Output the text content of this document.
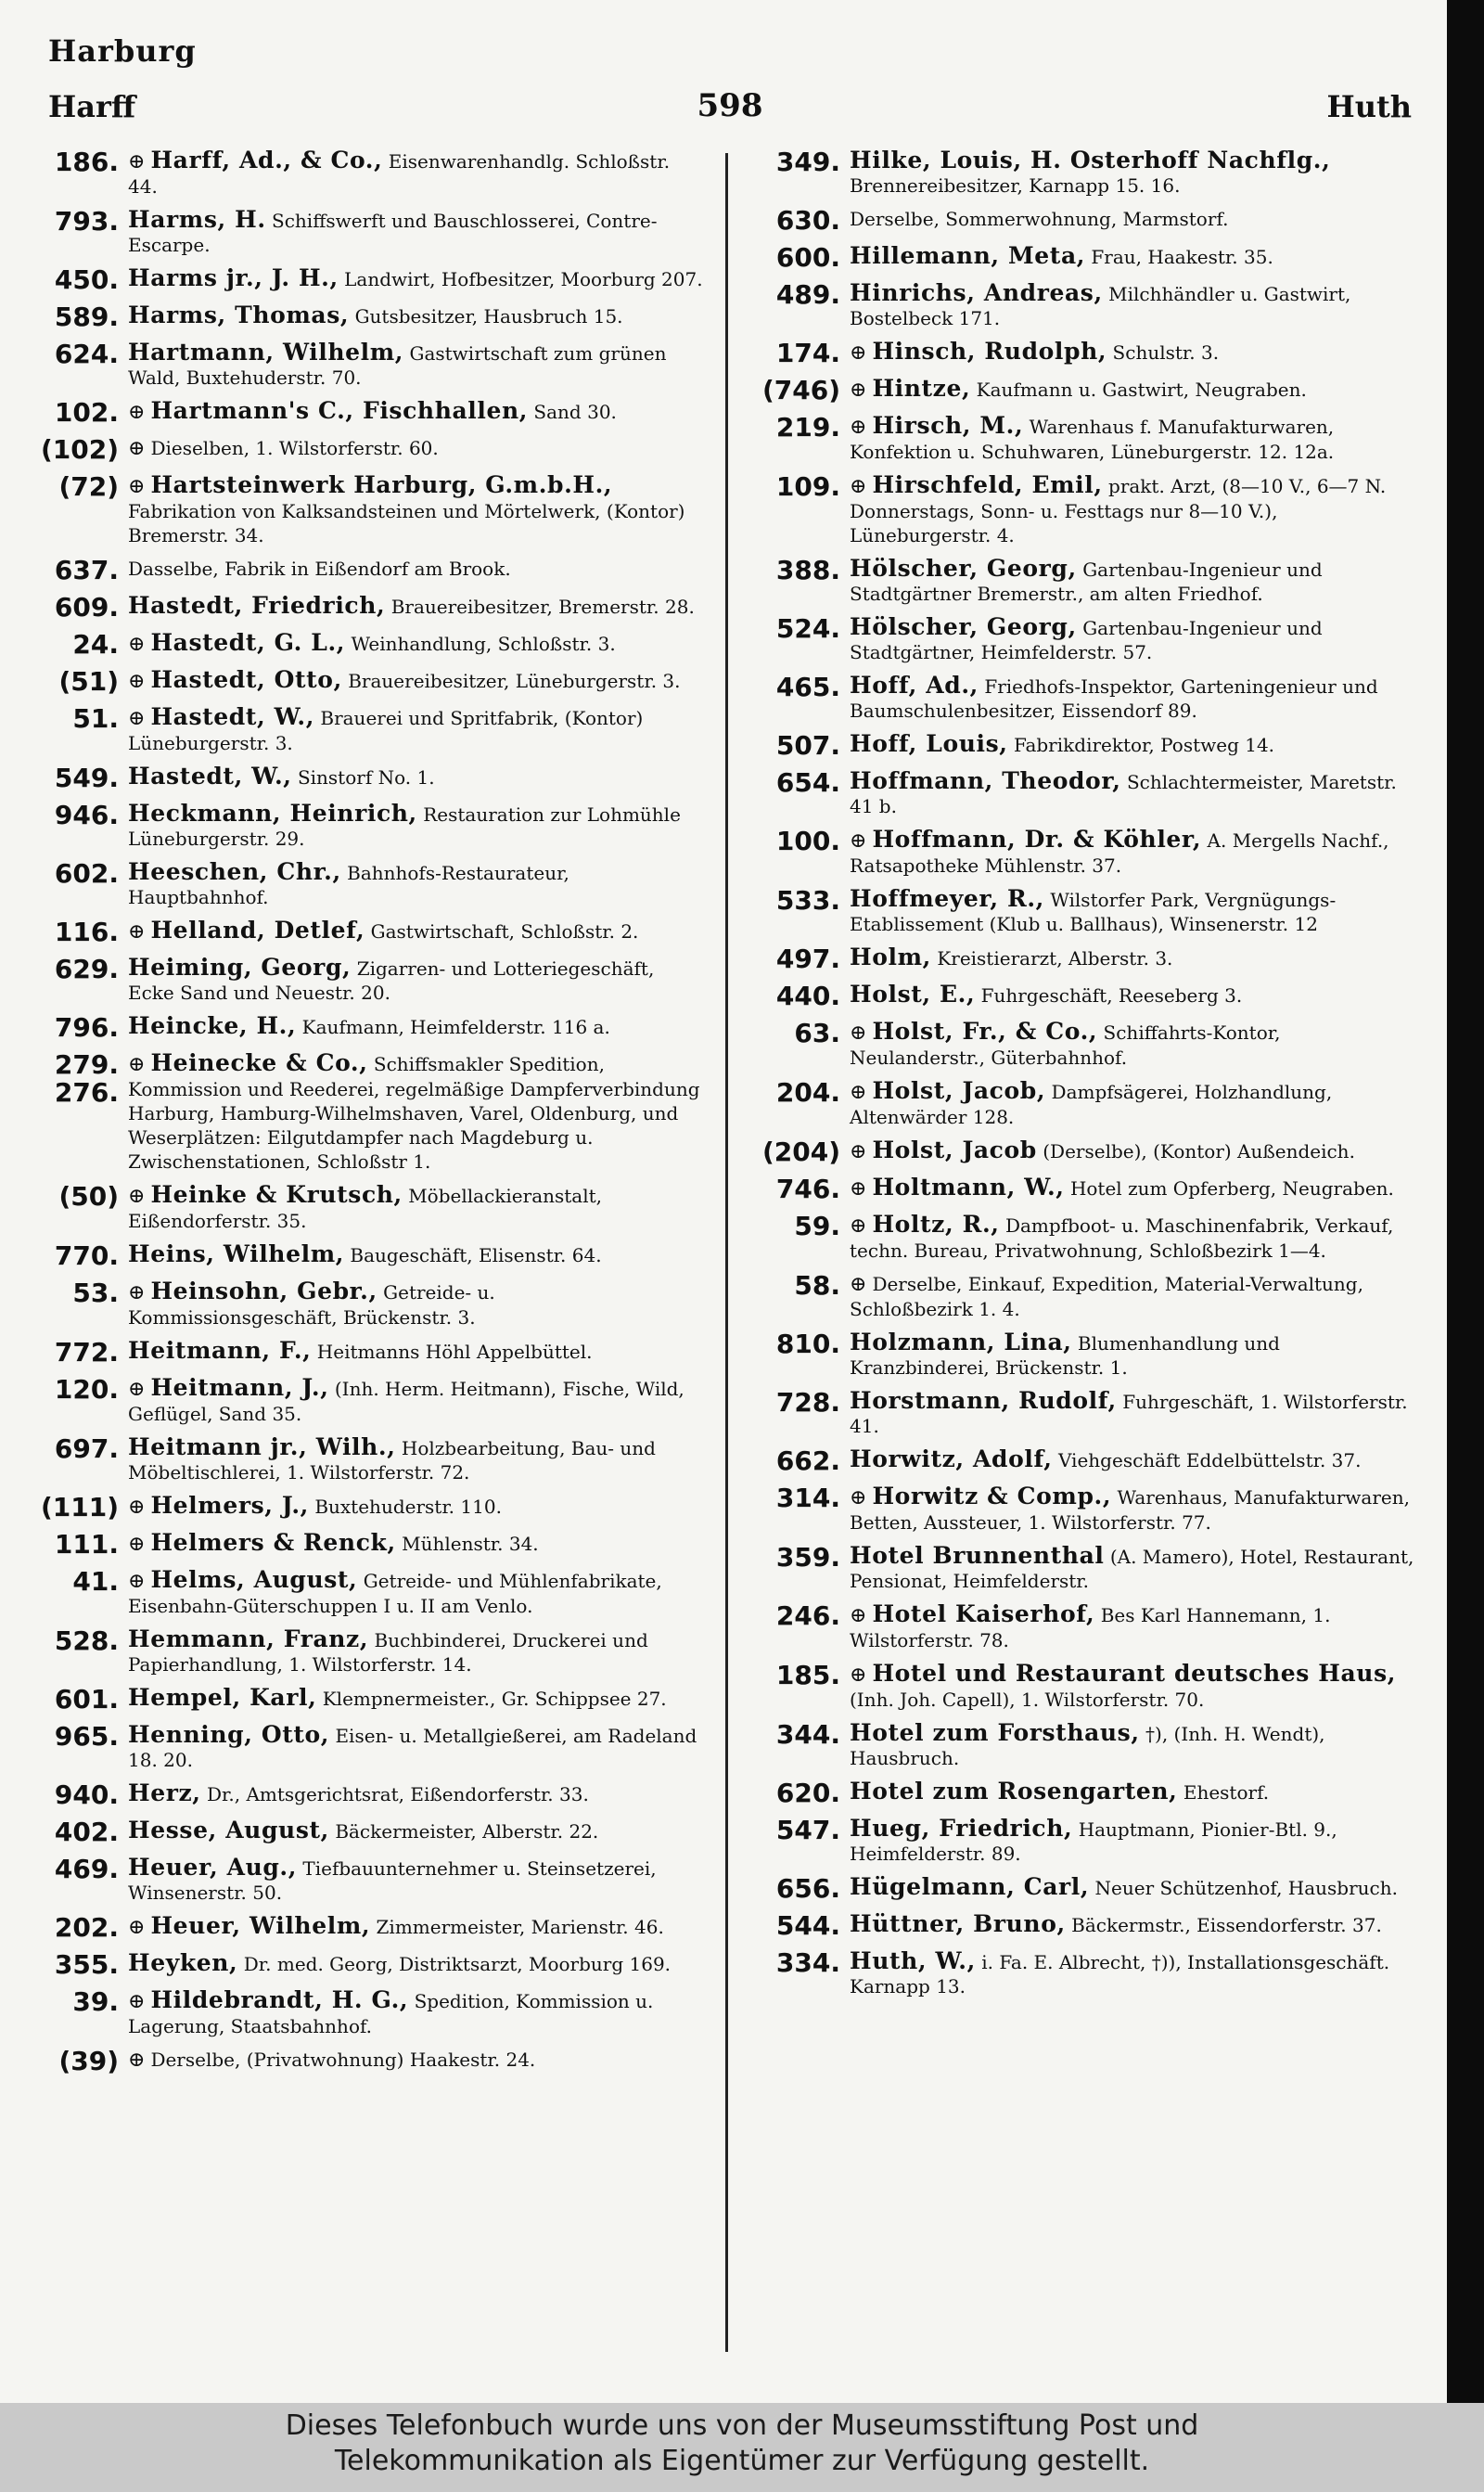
Harburg
Harff	598	Huth
186. ⊕ Harff, Ad., & Co., Eisenwarenhandlg. Schloßstr. 44.
793. Harms, H. Schiffswerft und Bauschlosserei, Contre-Escarpe.
450. Harms jr., J. H., Landwirt, Hofbesitzer, Moorburg 207.
589. Harms, Thomas, Gutsbesitzer, Hausbruch 15.
624. Hartmann, Wilhelm, Gastwirtschaft zum grünen Wald, Buxtehuderstr. 70.
102. ⊕ Hartmann's C., Fischhallen, Sand 30.
(102) ⊕ Dieselben, 1. Wilstorferstr. 60.
(72) ⊕ Hartsteinwerk Harburg, G.m.b.H., Fabrikation von Kalksandsteinen und Mörtelwerk, (Kontor) Bremerstr. 34.
637. Dasselbe, Fabrik in Eißendorf am Brook.
609. Hastedt, Friedrich, Brauereibesitzer, Bremerstr. 28.
24. ⊕ Hastedt, G. L., Weinhandlung, Schloßstr. 3.
(51) ⊕ Hastedt, Otto, Brauereibesitzer, Lüneburgerstr. 3.
51. ⊕ Hastedt, W., Brauerei und Spritfabrik, (Kontor) Lüneburgerstr. 3.
549. Hastedt, W., Sinstorf No. 1.
946. Heckmann, Heinrich, Restauration zur Lohmühle Lüneburgerstr. 29.
602. Heeschen, Chr., Bahnhofs-Restaurateur, Hauptbahnhof.
116. ⊕ Helland, Detlef, Gastwirtschaft, Schloßstr. 2.
629. Heiming, Georg, Zigarren- und Lotteriegeschäft, Ecke Sand und Neuestr. 20.
796. Heincke, H., Kaufmann, Heimfelderstr. 116 a.
279.
276.
⊕ Heinecke & Co., Schiffsmakler Spedition, Kommission und Reederei, regelmäßige Dampferverbindung Harburg, Hamburg-Wilhelmshaven, Varel, Oldenburg, und Weserplätzen: Eilgutdampfer nach Magdeburg u. Zwischenstationen, Schloßstr 1.
(50) ⊕ Heinke & Krutsch, Möbellackieranstalt, Eißendorferstr. 35.
770. Heins, Wilhelm, Baugeschäft, Elisenstr. 64.
53. ⊕ Heinsohn, Gebr., Getreide- u. Kommissionsgeschäft, Brückenstr. 3.
772. Heitmann, F., Heitmanns Höhl Appelbüttel.
120. ⊕ Heitmann, J., (Inh. Herm. Heitmann), Fische, Wild, Geflügel, Sand 35.
697. Heitmann jr., Wilh., Holzbearbeitung, Bau- und Möbeltischlerei, 1. Wilstorferstr. 72.
(111) ⊕ Helmers, J., Buxtehuderstr. 110.
111. ⊕ Helmers & Renck, Mühlenstr. 34.
41. ⊕ Helms, August, Getreide- und Mühlenfabrikate, Eisenbahn-Güterschuppen I u. II am Venlo.
528. Hemmann, Franz, Buchbinderei, Druckerei und Papierhandlung, 1. Wilstorferstr. 14.
601. Hempel, Karl, Klempnermeister., Gr. Schippsee 27.
965. Henning, Otto, Eisen- u. Metallgießerei, am Radeland 18. 20.
940. Herz, Dr., Amtsgerichtsrat, Eißendorferstr. 33.
402. Hesse, August, Bäckermeister, Alberstr. 22.
469. Heuer, Aug., Tiefbauunternehmer u. Steinsetzerei, Winsenerstr. 50.
202. ⊕ Heuer, Wilhelm, Zimmermeister, Marienstr. 46.
355. Heyken, Dr. med. Georg, Distriktsarzt, Moorburg 169.
39. ⊕ Hildebrandt, H. G., Spedition, Kommission u. Lagerung, Staatsbahnhof.
(39) ⊕ Derselbe, (Privatwohnung) Haakestr. 24.
349. Hilke, Louis, H. Osterhoff Nachflg., Brennereibesitzer, Karnapp 15. 16.
630. Derselbe, Sommerwohnung, Marmstorf.
600. Hillemann, Meta, Frau, Haakestr. 35.
489. Hinrichs, Andreas, Milchhändler u. Gastwirt, Bostelbeck 171.
174. ⊕ Hinsch, Rudolph, Schulstr. 3.
(746) ⊕ Hintze, Kaufmann u. Gastwirt, Neugraben.
219. ⊕ Hirsch, M., Warenhaus f. Manufakturwaren, Konfektion u. Schuhwaren, Lüneburgerstr. 12. 12a.
109. ⊕ Hirschfeld, Emil, prakt. Arzt, (8—10 V., 6—7 N. Donnerstags, Sonn- u. Festtags nur 8—10 V.), Lüneburgerstr. 4.
388. Hölscher, Georg, Gartenbau-Ingenieur und Stadtgärtner Bremerstr., am alten Friedhof.
524. Hölscher, Georg, Gartenbau-Ingenieur und Stadtgärtner, Heimfelderstr. 57.
465. Hoff, Ad., Friedhofs-Inspektor, Garteningenieur und Baumschulenbesitzer, Eissendorf 89.
507. Hoff, Louis, Fabrikdirektor, Postweg 14.
654. Hoffmann, Theodor, Schlachtermeister, Maretstr. 41 b.
100. ⊕ Hoffmann, Dr. & Köhler, A. Mergells Nachf., Ratsapotheke Mühlenstr. 37.
533. Hoffmeyer, R., Wilstorfer Park, Vergnügungs-Etablissement (Klub u. Ballhaus), Winsenerstr. 12
497. Holm, Kreistierarzt, Alberstr. 3.
440. Holst, E., Fuhrgeschäft, Reeseberg 3.
63. ⊕ Holst, Fr., & Co., Schiffahrts-Kontor, Neulanderstr., Güterbahnhof.
204. ⊕ Holst, Jacob, Dampfsägerei, Holzhandlung, Altenwärder 128.
(204) ⊕ Holst, Jacob (Derselbe), (Kontor) Außendeich.
746. ⊕ Holtmann, W., Hotel zum Opferberg, Neugraben.
59. ⊕ Holtz, R., Dampfboot- u. Maschinenfabrik, Verkauf, techn. Bureau, Privatwohnung, Schloßbezirk 1—4.
58. ⊕ Derselbe, Einkauf, Expedition, Material-Verwaltung, Schloßbezirk 1. 4.
810. Holzmann, Lina, Blumenhandlung und Kranzbinderei, Brückenstr. 1.
728. Horstmann, Rudolf, Fuhrgeschäft, 1. Wilstorferstr. 41.
662. Horwitz, Adolf, Viehgeschäft Eddelbüttelstr. 37.
314. ⊕ Horwitz & Comp., Warenhaus, Manufakturwaren, Betten, Aussteuer, 1. Wilstorferstr. 77.
359. Hotel Brunnenthal (A. Mamero), Hotel, Restaurant, Pensionat, Heimfelderstr.
246. ⊕ Hotel Kaiserhof, Bes Karl Hannemann, 1. Wilstorferstr. 78.
185. ⊕ Hotel und Restaurant deutsches Haus, (Inh. Joh. Capell), 1. Wilstorferstr. 70.
344. Hotel zum Forsthaus, †), (Inh. H. Wendt), Hausbruch.
620. Hotel zum Rosengarten, Ehestorf.
547. Hueg, Friedrich, Hauptmann, Pionier-Btl. 9., Heimfelderstr. 89.
656. Hügelmann, Carl, Neuer Schützenhof, Hausbruch.
544. Hüttner, Bruno, Bäckermstr., Eissendorferstr. 37.
334. Huth, W., i. Fa. E. Albrecht, †)), Installationsgeschäft. Karnapp 13.
Dieses Telefonbuch wurde uns von der Museumsstiftung Post und
Telekommunikation als Eigentümer zur Verfügung gestellt.
